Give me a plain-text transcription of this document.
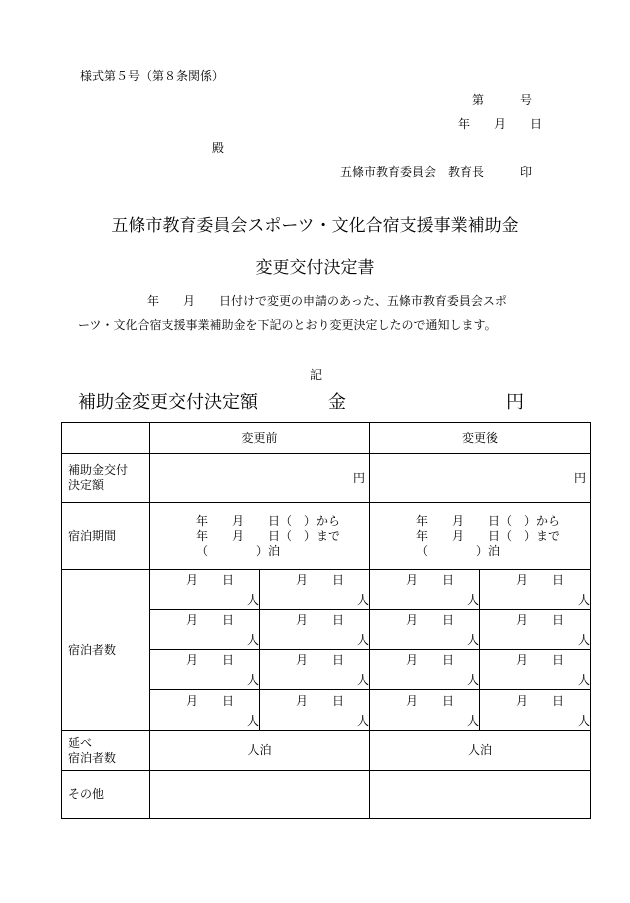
様式第５号（第８条関係）
第　　　号
年　　月　　日
殿
五條市教育委員会　教育長　　　印
五條市教育委員会スポーツ・文化合宿支援事業補助金
変更交付決定書
年　　月　　日付けで変更の申請のあった、五條市教育委員会スポ
ーツ・文化合宿支援事業補助金を下記のとおり変更決定したので通知します。
記
補助金変更交付決定額	金	円
	変更前		変更後	

補助金交付
決定額	円		円	
宿泊期間	年　　月　　日（　）から
年　　月　　日（　）まで
（　　　　）泊		年　　月　　日（　）から
年　　月　　日（　）まで
（　　　　）泊	

宿泊者数	月　　日
人	月　　日
人	月　　日
人	月　　日
人

	月　　日
人	月　　日
人	月　　日
人	月　　日
人

	月　　日
人	月　　日
人	月　　日
人	月　　日
人

	月　　日
人	月　　日
人	月　　日
人	月　　日
人

延べ
宿泊者数	人泊		人泊	
その他				
